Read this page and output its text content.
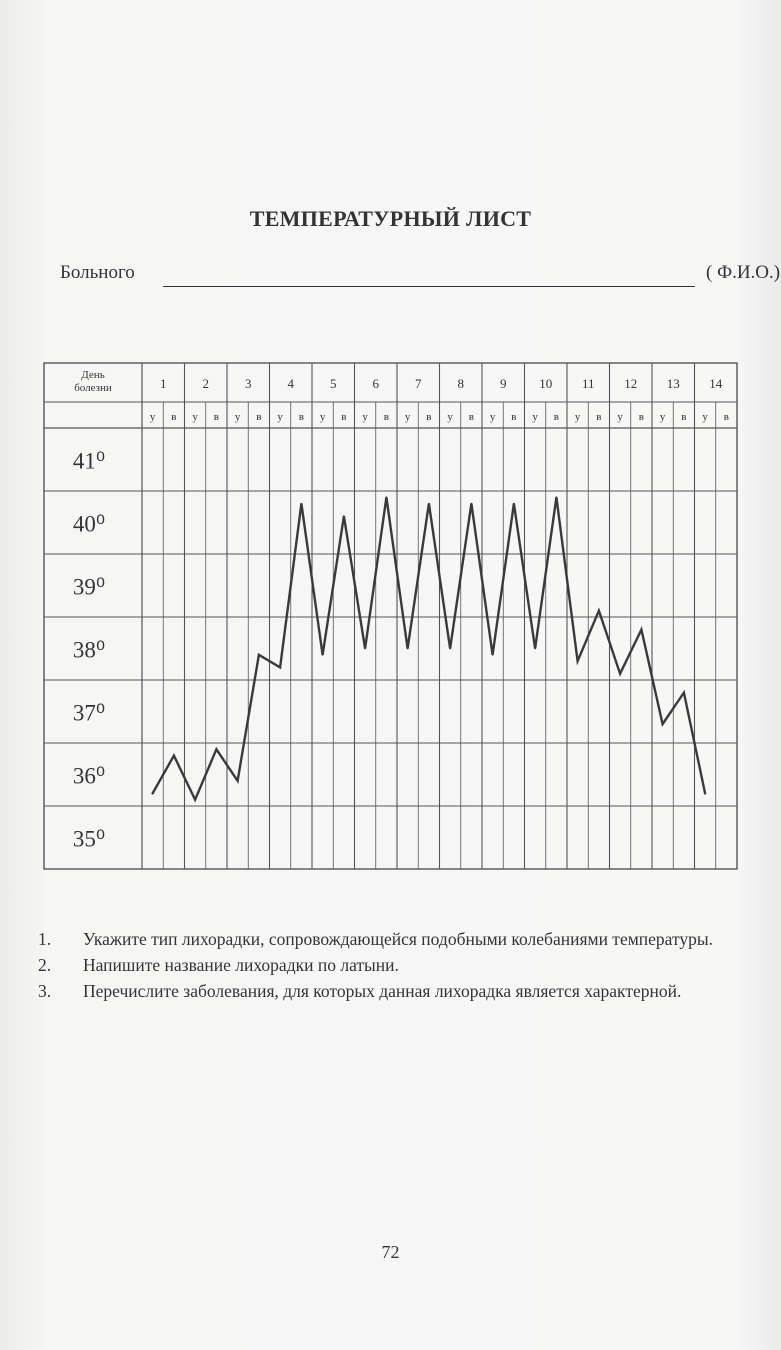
ТЕМПЕРАТУРНЫЙ ЛИСТ
Больного	( Ф.И.О.)
День болезни	1	2	3	4	5	6	7	8	9	10 11 12 13 14
у в у в у в у в у в у в у в у в у в у в у в у в у в у в
41⁰
40⁰
39⁰
38⁰
37⁰
36⁰
35⁰
1. Укажите тип лихорадки, сопровождающейся подобными колебаниями температуры.
2. Напишите название лихорадки по латыни.
3. Перечислите заболевания, для которых данная лихорадка является характерной.
72
